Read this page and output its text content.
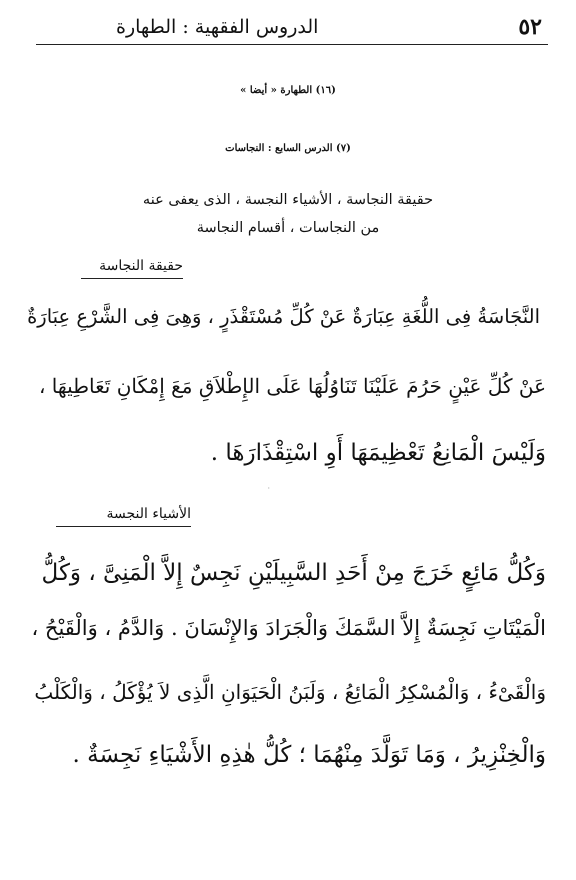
٥٢
الدروس الفقهية : الطهارة
(١٦) الطهارة « أيضا »
(٧) الدرس السابع : النجاسات
حقيقة النجاسة ، الأشياء النجسة ، الذى يعفى عنه
من النجاسات ، أقسام النجاسة
حقيقة النجاسة
النَّجَاسَةُ فِى اللُّغَةِ عِبَارَةٌ عَنْ كُلِّ مُسْتَقْذَرٍ ، وَهِىَ فِى الشَّرْعِ عِبَارَةٌ
عَنْ كُلِّ عَيْنٍ حَرُمَ عَلَيْنَا تَنَاوُلُهَا عَلَى الإِطْلاَقِ مَعَ إِمْكَانِ تَعَاطِيهَا ،
وَلَيْسَ الْمَانِعُ تَعْظِيمَهَا أَوِ اسْتِقْذَارَهَا .
·
الأشياء النجسة
وَكُلُّ مَائِعٍ خَرَجَ مِنْ أَحَدِ السَّبِيلَيْنِ نَجِسٌ إِلاَّ الْمَنِىَّ ، وَكُلُّ
الْمَيْتَاتِ نَجِسَةٌ إِلاَّ السَّمَكَ وَالْجَرَادَ وَالإِنْسَانَ . وَالدَّمُ ، وَالْقَيْحُ ،
وَالْقَىْءُ ، وَالْمُسْكِرُ الْمَائِعُ ، وَلَبَنُ الْحَيَوَانِ الَّذِى لاَ يُؤْكَلُ ، وَالْكَلْبُ
وَالْخِنْزِيرُ ، وَمَا تَوَلَّدَ مِنْهُمَا ؛ كُلُّ هٰذِهِ الأَشْيَاءِ نَجِسَةٌ .
